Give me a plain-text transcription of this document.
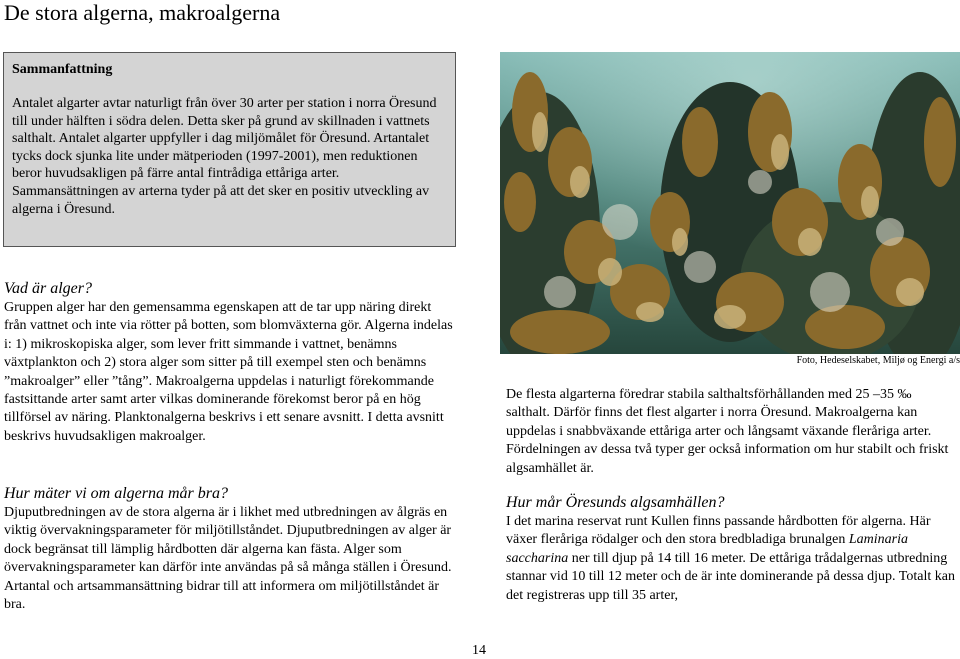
De stora algerna, makroalgerna
Sammanfattning

Antalet algarter avtar naturligt från över 30 arter per station i norra Öresund till under hälften i södra delen. Detta sker på grund av skillnaden i vattnets salthalt. Antalet algarter uppfyller i dag miljömålet för Öresund. Artantalet tycks dock sjunka lite under mätperioden (1997-2001), men reduktionen beror huvudsakligen på färre antal fintrådiga ettåriga arter. Sammansättningen av arterna tyder på att det sker en positiv utveckling av algerna i Öresund.

Foto, Hedeselskabet, Miljø og Energi a/s
Vad är alger?

Gruppen alger har den gemensamma egenskapen att de tar upp näring direkt från vattnet och inte via rötter på botten, som blomväxterna gör. Algerna indelas i: 1) mikroskopiska alger, som lever fritt simmande i vattnet, benämns växtplankton och 2) stora alger som sitter på till exempel sten och benämns ”makroalger” eller ”tång”. Makroalgerna uppdelas i naturligt förekommande fastsittande arter samt arter vilkas dominerande förekomst beror på en hög tillförsel av näring. Planktonalgerna beskrivs i ett senare avsnitt. I detta avsnitt beskrivs huvudsakligen makroalger.

Hur mäter vi om algerna mår bra?

Djuputbredningen av de stora algerna är i likhet med utbredningen av ålgräs en viktig övervakningsparameter för miljötillståndet. Djuputbredningen av alger är dock begränsat till lämplig hårdbotten där algerna kan fästa. Alger som övervakningsparameter kan därför inte användas på så många ställen i Öresund. Artantal och artsammansättning bidrar till att informera om miljötillståndet är bra.

De flesta algarterna föredrar stabila salthaltsförhållanden med 25 –35 ‰ salthalt. Därför finns det flest algarter i norra Öresund. Makroalgerna kan uppdelas i snabbväxande ettåriga arter och långsamt växande fleråriga arter. Fördelningen av dessa två typer ger också information om hur stabilt och friskt algsamhället är.

Hur mår Öresunds algsamhällen?

I det marina reservat runt Kullen finns passande hårdbotten för algerna. Här växer fleråriga rödalger och den stora bredbladiga brunalgen Laminaria saccharina ner till djup på 14 till 16 meter. De ettåriga trådalgernas utbredning stannar vid 10 till 12 meter och de är inte dominerande på dessa djup. Totalt kan det registreras upp till 35 arter,

14
